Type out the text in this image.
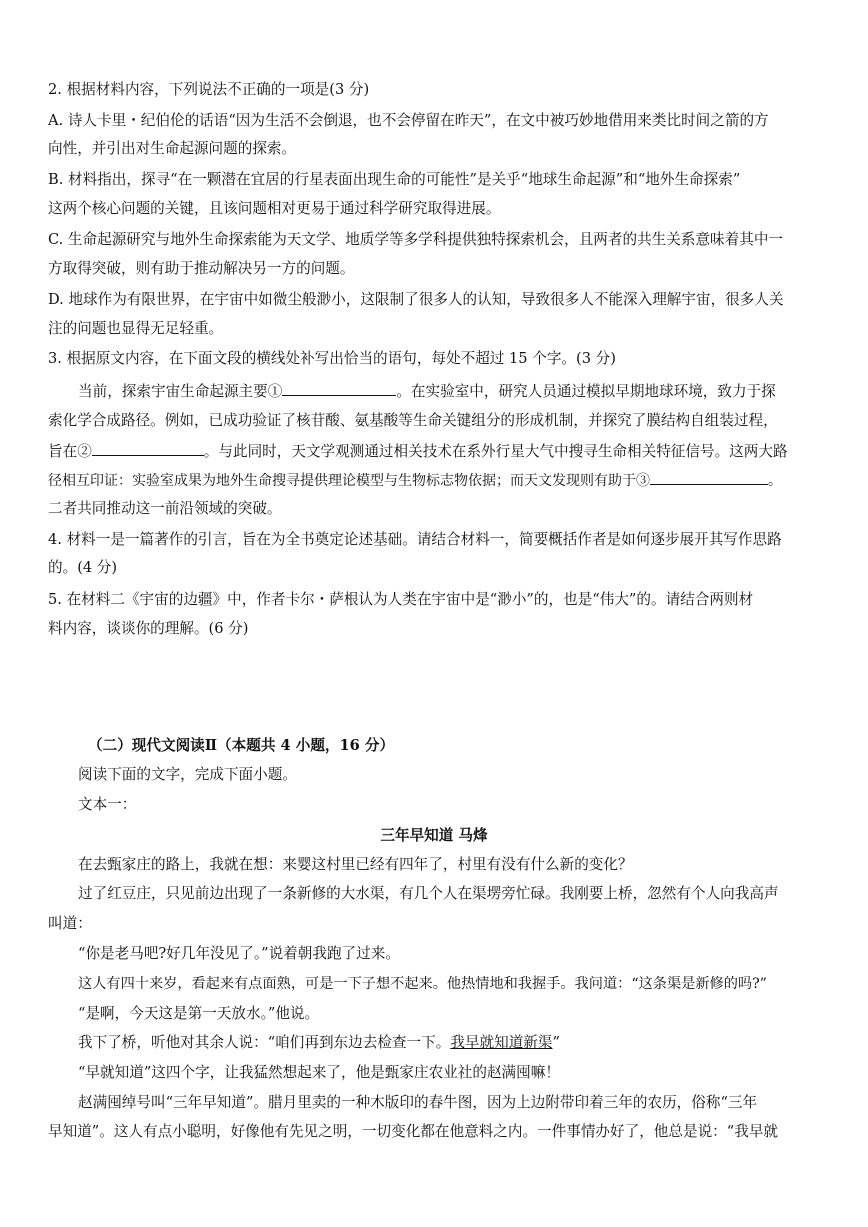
2. 根据材料内容，下列说法不正确的一项是(3 分)
A. 诗人卡里・纪伯伦的话语“因为生活不会倒退，也不会停留在昨天”，在文中被巧妙地借用来类比时间之箭的方
向性，并引出对生命起源问题的探索。
B. 材料指出，探寻“在一颗潜在宜居的行星表面出现生命的可能性”是关乎“地球生命起源”和“地外生命探索”
这两个核心问题的关键，且该问题相对更易于通过科学研究取得进展。
C. 生命起源研究与地外生命探索能为天文学、地质学等多学科提供独特探索机会，且两者的共生关系意味着其中一
方取得突破，则有助于推动解决另一方的问题。
D. 地球作为有限世界，在宇宙中如微尘般渺小，这限制了很多人的认知，导致很多人不能深入理解宇宙，很多人关
注的问题也显得无足轻重。
3. 根据原文内容，在下面文段的横线处补写出恰当的语句，每处不超过 15 个字。(3 分)
当前，探索宇宙生命起源主要①	。在实验室中，研究人员通过模拟早期地球环境，致力于探
索化学合成路径。例如，已成功验证了核苷酸、氨基酸等生命关键组分的形成机制，并探究了膜结构自组装过程，
旨在②	。与此同时，天文学观测通过相关技术在系外行星大气中搜寻生命相关特征信号。这两大路
径相互印证：实验室成果为地外生命搜寻提供理论模型与生物标志物依据；而天文发现则有助于③	。
二者共同推动这一前沿领域的突破。
4. 材料一是一篇著作的引言，旨在为全书奠定论述基础。请结合材料一，简要概括作者是如何逐步展开其写作思路
的。(4 分)
5. 在材料二《宇宙的边疆》中，作者卡尔・萨根认为人类在宇宙中是“渺小”的，也是“伟大”的。请结合两则材
料内容，谈谈你的理解。(6 分)
（二）现代文阅读Ⅱ（本题共 4 小题，16 分）
阅读下面的文字，完成下面小题。
文本一：
三年早知道 马烽
在去甄家庄的路上，我就在想：来婴这村里已经有四年了，村里有没有什么新的变化？
过了红豆庄，只见前边出现了一条新修的大水渠，有几个人在渠塄旁忙碌。我刚要上桥，忽然有个人向我高声
叫道：
“你是老马吧?好几年没见了。”说着朝我跑了过来。
这人有四十来岁，看起来有点面熟，可是一下子想不起来。他热情地和我握手。我问道：“这条渠是新修的吗?”
“是啊，今天这是第一天放水。”他说。
我下了桥，听他对其余人说：“咱们再到东边去检查一下。我早就知道新渠”
“早就知道”这四个字，让我猛然想起来了，他是甄家庄农业社的赵满囤嘛！
赵满囤绰号叫“三年早知道”。腊月里卖的一种木版印的春牛图，因为上边附带印着三年的农历，俗称“三年
早知道”。这人有点小聪明，好像他有先见之明，一切变化都在他意料之内。一件事情办好了，他总是说：“我早就
